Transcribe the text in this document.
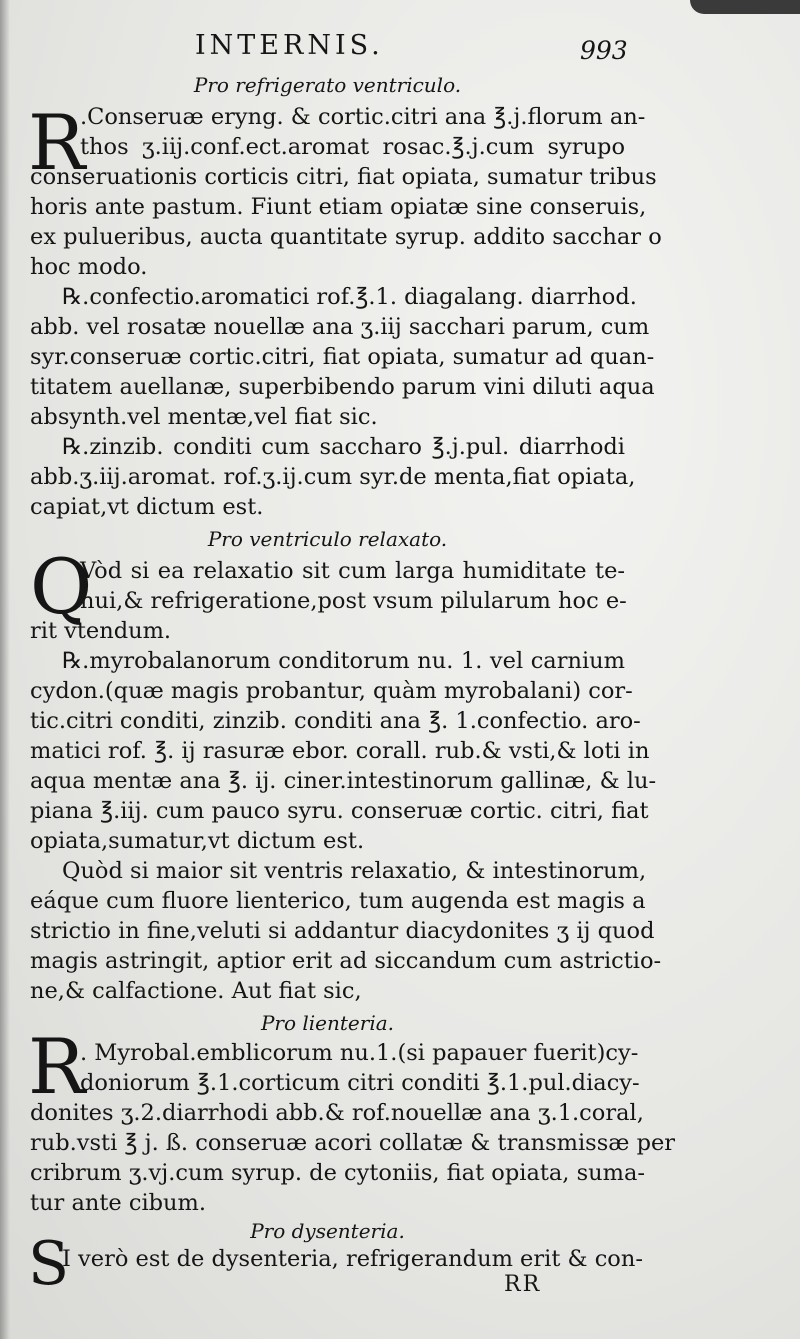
INTERNIS.	993
R
Q
R
S
Pro refrigerato ventriculo.
.Conseruæ eryng. & cortic.citri ana ℥.j.florum an-
thos ʒ.iij.conf.ect.aromat rosac.℥.j.cum syrupo
conseruationis corticis citri, fiat opiata, sumatur tribus
horis ante pastum. Fiunt etiam opiatæ sine conseruis,
ex pulueribus, aucta quantitate syrup. addito sacchar o
hoc modo.
℞.confectio.aromatici rof.℥.1. diagalang. diarrhod.
abb. vel rosatæ nouellæ ana ʒ.iij sacchari parum, cum
syr.conseruæ cortic.citri, fiat opiata, sumatur ad quan-
titatem auellanæ, superbibendo parum vini diluti aqua
absynth.vel mentæ,vel fiat sic.
℞.zinzib. conditi cum saccharo ℥.j.pul. diarrhodi
abb.ʒ.iij.aromat. rof.ʒ.ij.cum syr.de menta,fiat opiata,
capiat,vt dictum est.
Pro ventriculo relaxato.
Vòd si ea relaxatio sit cum larga humiditate te-
nui,& refrigeratione,post vsum pilularum hoc e-
rit vtendum.
℞.myrobalanorum conditorum nu. 1. vel carnium
cydon.(quæ magis probantur, quàm myrobalani) cor-
tic.citri conditi, zinzib. conditi ana ℥. 1.confectio. aro-
matici rof. ℥. ij rasuræ ebor. corall. rub.& vsti,& loti in
aqua mentæ ana ℥. ij. ciner.intestinorum gallinæ, & lu-
piana ℥.iij. cum pauco syru. conseruæ cortic. citri, fiat
opiata,sumatur,vt dictum est.
Quòd si maior sit ventris relaxatio, & intestinorum,
eáque cum fluore lienterico, tum augenda est magis a
strictio in fine,veluti si addantur diacydonites ʒ ij quod
magis astringit, aptior erit ad siccandum cum astrictio-
ne,& calfactione. Aut fiat sic,
Pro lienteria.
. Myrobal.emblicorum nu.1.(si papauer fuerit)cy-
doniorum ℥.1.corticum citri conditi ℥.1.pul.diacy-
donites ʒ.2.diarrhodi abb.& rof.nouellæ ana ʒ.1.coral,
rub.vsti ℥ j. ß. conseruæ acori collatæ & transmissæ per
cribrum ʒ.vj.cum syrup. de cytoniis, fiat opiata, suma-
tur ante cibum.
Pro dysenteria.
I verò est de dysenteria, refrigerandum erit & con-
RR
